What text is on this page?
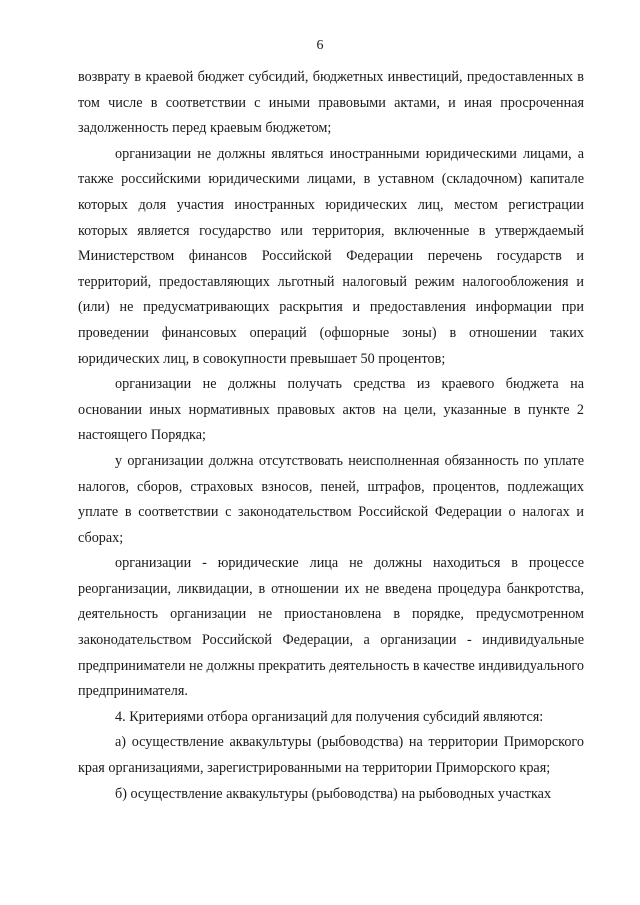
6

возврату в краевой бюджет субсидий, бюджетных инвестиций, предоставленных в том числе в соответствии с иными правовыми актами, и иная просроченная задолженность перед краевым бюджетом;

организации не должны являться иностранными юридическими лицами, а также российскими юридическими лицами, в уставном (складочном) капитале которых доля участия иностранных юридических лиц, местом регистрации которых является государство или территория, включенные в утверждаемый Министерством финансов Российской Федерации перечень государств и территорий, предоставляющих льготный налоговый режим налогообложения и (или) не предусматривающих раскрытия и предоставления информации при проведении финансовых операций (офшорные зоны) в отношении таких юридических лиц, в совокупности превышает 50 процентов;

организации не должны получать средства из краевого бюджета на основании иных нормативных правовых актов на цели, указанные в пункте 2 настоящего Порядка;

у организации должна отсутствовать неисполненная обязанность по уплате налогов, сборов, страховых взносов, пеней, штрафов, процентов, подлежащих уплате в соответствии с законодательством Российской Федерации о налогах и сборах;

организации - юридические лица не должны находиться в процессе реорганизации, ликвидации, в отношении их не введена процедура банкротства, деятельность организации не приостановлена в порядке, предусмотренном законодательством Российской Федерации, а организации - индивидуальные предприниматели не должны прекратить деятельность в качестве индивидуального предпринимателя.

4. Критериями отбора организаций для получения субсидий являются:

а) осуществление аквакультуры (рыбоводства) на территории Приморского края организациями, зарегистрированными на территории Приморского края;

б) осуществление аквакультуры (рыбоводства) на рыбоводных участках
